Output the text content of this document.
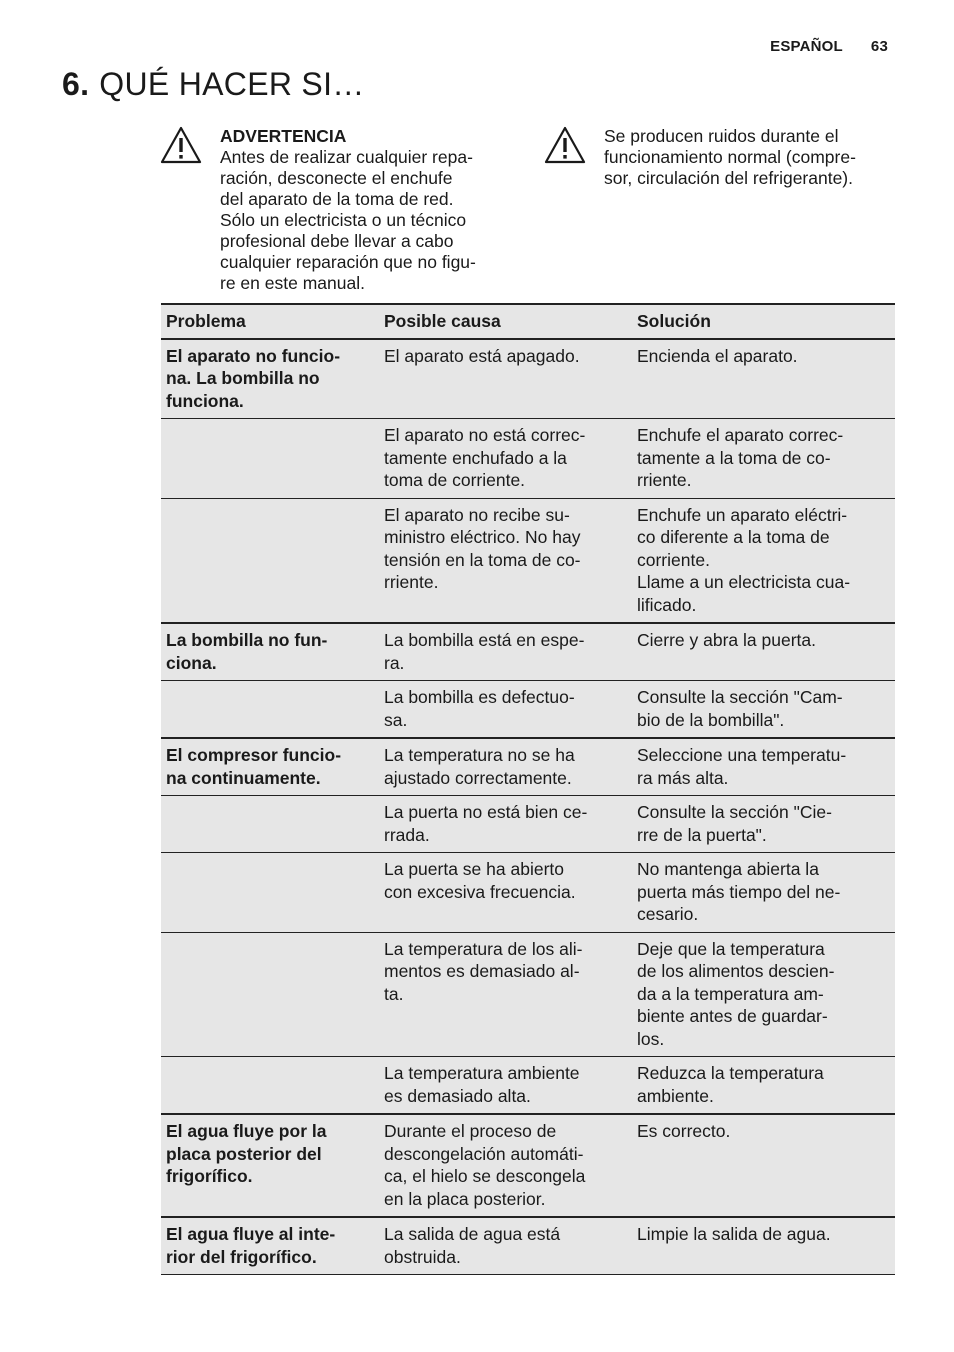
ESPAÑOL 63
6. QUÉ HACER SI…
ADVERTENCIA
Antes de realizar cualquier repa-
ración, desconecte el enchufe
del aparato de la toma de red.
Sólo un electricista o un técnico
profesional debe llevar a cabo
cualquier reparación que no figu-
re en este manual.
Se producen ruidos durante el
funcionamiento normal (compre-
sor, circulación del refrigerante).
Problema	Posible causa	Solución
El aparato no funcio-
na. La bombilla no
funciona.	El aparato está apagado.	Encienda el aparato.
	El aparato no está correc-
tamente enchufado a la
toma de corriente.	Enchufe el aparato correc-
tamente a la toma de co-
rriente.
	El aparato no recibe su-
ministro eléctrico. No hay
tensión en la toma de co-
rriente.	Enchufe un aparato eléctri-
co diferente a la toma de
corriente.
Llame a un electricista cua-
lificado.
La bombilla no fun-
ciona.	La bombilla está en espe-
ra.	Cierre y abra la puerta.
	La bombilla es defectuo-
sa.	Consulte la sección "Cam-
bio de la bombilla".
El compresor funcio-
na continuamente.	La temperatura no se ha
ajustado correctamente.	Seleccione una temperatu-
ra más alta.
	La puerta no está bien ce-
rrada.	Consulte la sección "Cie-
rre de la puerta".
	La puerta se ha abierto
con excesiva frecuencia.	No mantenga abierta la
puerta más tiempo del ne-
cesario.
	La temperatura de los ali-
mentos es demasiado al-
ta.	Deje que la temperatura
de los alimentos descien-
da a la temperatura am-
biente antes de guardar-
los.
	La temperatura ambiente
es demasiado alta.	Reduzca la temperatura
ambiente.
El agua fluye por la
placa posterior del
frigorífico.	Durante el proceso de
descongelación automáti-
ca, el hielo se descongela
en la placa posterior.	Es correcto.
El agua fluye al inte-
rior del frigorífico.	La salida de agua está
obstruida.	Limpie la salida de agua.
